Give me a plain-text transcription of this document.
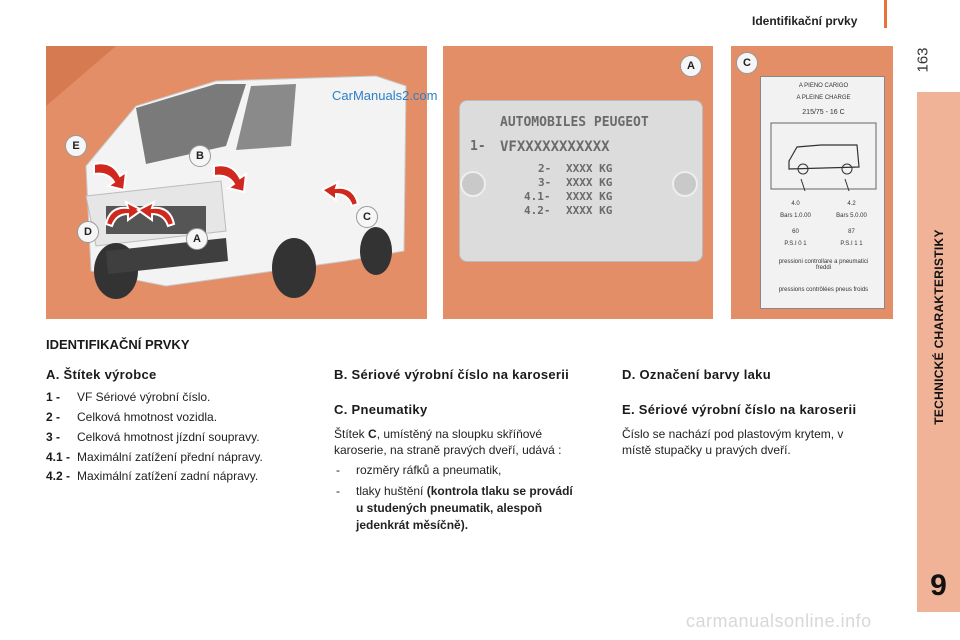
Identifikační prvky
163
TECHNICKÉ CHARAKTERISTIKY
9
E
B
D
A
C
AUTOMOBILES PEUGEOT
1- VFXXXXXXXXXXX
2- XXXX KG
3- XXXX KG
4.1- XXXX KG
4.2- XXXX KG
A	C
A PIENO CARIGO
A PLEINE CHARGE
215/75 - 16 C
4.0	4.2
Bars 1.0.00	Bars 5.0.00
60	87
P.S.I 0 1	P.S.I 1 1
pressioni controllare a pneumatici freddi
pressions contrôlées pneus froids
CarManuals2.com
IDENTIFIKAČNÍ PRVKY
A. Štítek výrobce
1 - VF Sériové výrobní číslo.
2 - Celková hmotnost vozidla.
3 - Celková hmotnost jízdní soupravy.
4.1 - Maximální zatížení přední nápravy.
4.2 - Maximální zatížení zadní nápravy.
B. Sériové výrobní číslo na karoserii
C. Pneumatiky
Štítek C, umístěný na sloupku skříňové
karoserie, na straně pravých dveří, udává :
- rozměry ráfků a pneumatik,
- tlaky huštění (kontrola tlaku se provádí
u studených pneumatik, alespoň
jedenkrát měsíčně).
D. Označení barvy laku
E. Sériové výrobní číslo na karoserii
Číslo se nachází pod plastovým krytem, v
místě stupačky u pravých dveří.
carmanualsonline.info
